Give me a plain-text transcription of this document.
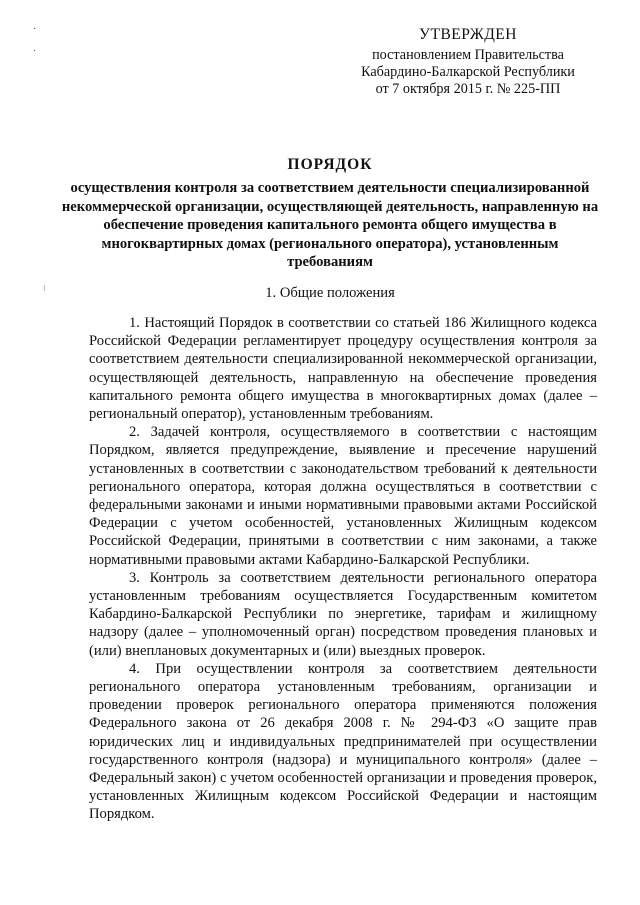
˙
˙
УТВЕРЖДЕН
постановлением Правительства
Кабардино-Балкарской Республики
от 7 октября 2015 г. № 225-ПП
ПОРЯДОК
осуществления контроля за соответствием деятельности специализированной некоммерческой организации, осуществляющей деятельность, направленную на обеспечение проведения капитального ремонта общего имущества в многоквартирных домах (регионального оператора), установленным требованиям
1. Общие положения

1. Настоящий Порядок в соответствии со статьей 186 Жилищного кодекса Российской Федерации регламентирует процедуру осуществления контроля за соответствием деятельности специализированной некоммерческой организации, осуществляющей деятельность, направленную на обеспечение проведения капитального ремонта общего имущества в многоквартирных домах (далее – региональный оператор), установленным требованиям.

2. Задачей контроля, осуществляемого в соответствии с настоящим Порядком, является предупреждение, выявление и пресечение нарушений установленных в соответствии с законодательством требований к деятельности регионального оператора, которая должна осуществляться в соответствии с федеральными законами и иными нормативными правовыми актами Российской Федерации с учетом особенностей, установленных Жилищным кодексом Российской Федерации, принятыми в соответствии с ним законами, а также нормативными правовыми актами Кабардино-Балкарской Республики.

3. Контроль за соответствием деятельности регионального оператора установленным требованиям осуществляется Государственным комитетом Кабардино-Балкарской Республики по энергетике, тарифам и жилищному надзору (далее – уполномоченный орган) посредством проведения плановых и (или) внеплановых документарных и (или) выездных проверок.

4. При осуществлении контроля за соответствием деятельности регионального оператора установленным требованиям, организации и проведении проверок регионального оператора применяются положения Федерального закона от 26 декабря 2008 г. № 294-ФЗ «О защите прав юридических лиц и индивидуальных предпринимателей при осуществлении государственного контроля (надзора) и муниципального контроля» (далее – Федеральный закон) с учетом особенностей организации и проведения проверок, установленных Жилищным кодексом Российской Федерации и настоящим Порядком.
